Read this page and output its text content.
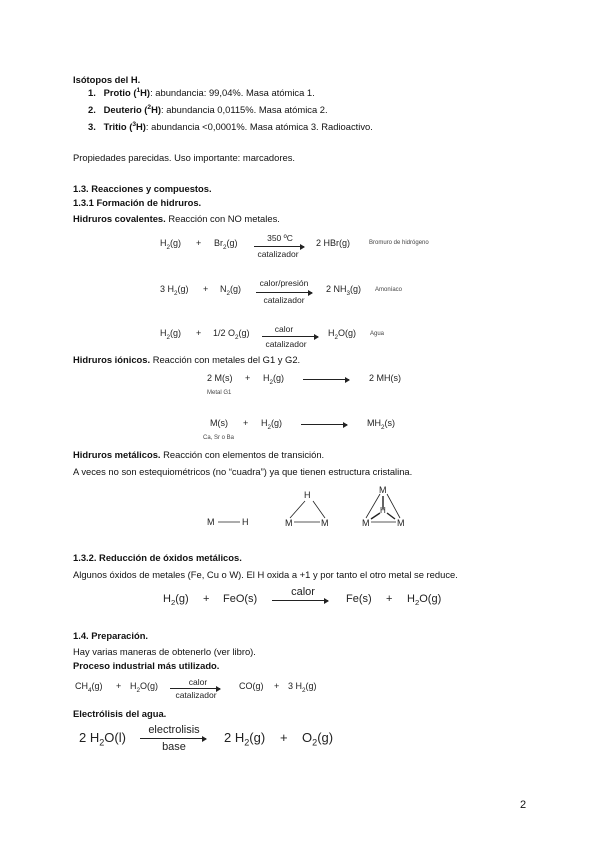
Isótopos del H.
1. Protio ($^1$H): abundancia: 99,04%. Masa atómica 1.
2. Deuterio ($^2$H): abundancia 0,0115%. Masa atómica 2.
3. Tritio ($^3$H): abundancia <0,0001%. Masa atómica 3. Radioactivo.
Propiedades parecidas. Uso importante: marcadores.
1.3. Reacciones y compuestos.
1.3.1 Formación de hidruros.
Hidruros covalentes. Reacción con NO metales.
$H_2(g) + Br_2(g)$	350 ºC
catalizador
2 HBr(g)	Bromuro de hidrógeno
3 $H_2(g) + N_2(g)$
calor/presión
catalizador
2 $NH_3(g)$ Amoníaco
$H_2(g) + 1/2$ $O_2(g)$	calor
catalizador
$H_2O(g)$ Agua
Hidruros iónicos. Reacción con metales del G1 y G2.
2 $M(s) + H_2(g)$	2 MH(s)
Metal G1
$M(s) + H_2(g)$	$MH_2(s)$
Ca, Sr o Ba
Hidruros metálicos. Reacción con elementos de transición.
A veces no son estequiométricos (no “cuadra”) ya que tienen estructura cristalina.
M	H
H
M	M
M
H
M	M
1.3.2. Reducción de óxidos metálicos.
Algunos óxidos de metales (Fe, Cu o W). El H oxida a +1 y por tanto el otro metal se reduce.
$H_2(g) + FeO(s)$
calor
$Fe(s) + H_2O(g)$
1.4. Preparación.
Hay varias maneras de obtenerlo (ver libro).
Proceso industrial más utilizado.
$CH_4(g) + H_2O(g)$	calor
catalizador
CO(g) + 3 $H_2(g)$
Electrólisis del agua.
2 $H_2O(l)$	electrolisis
base
2 $H_2(g) + O_2(g)$
2
